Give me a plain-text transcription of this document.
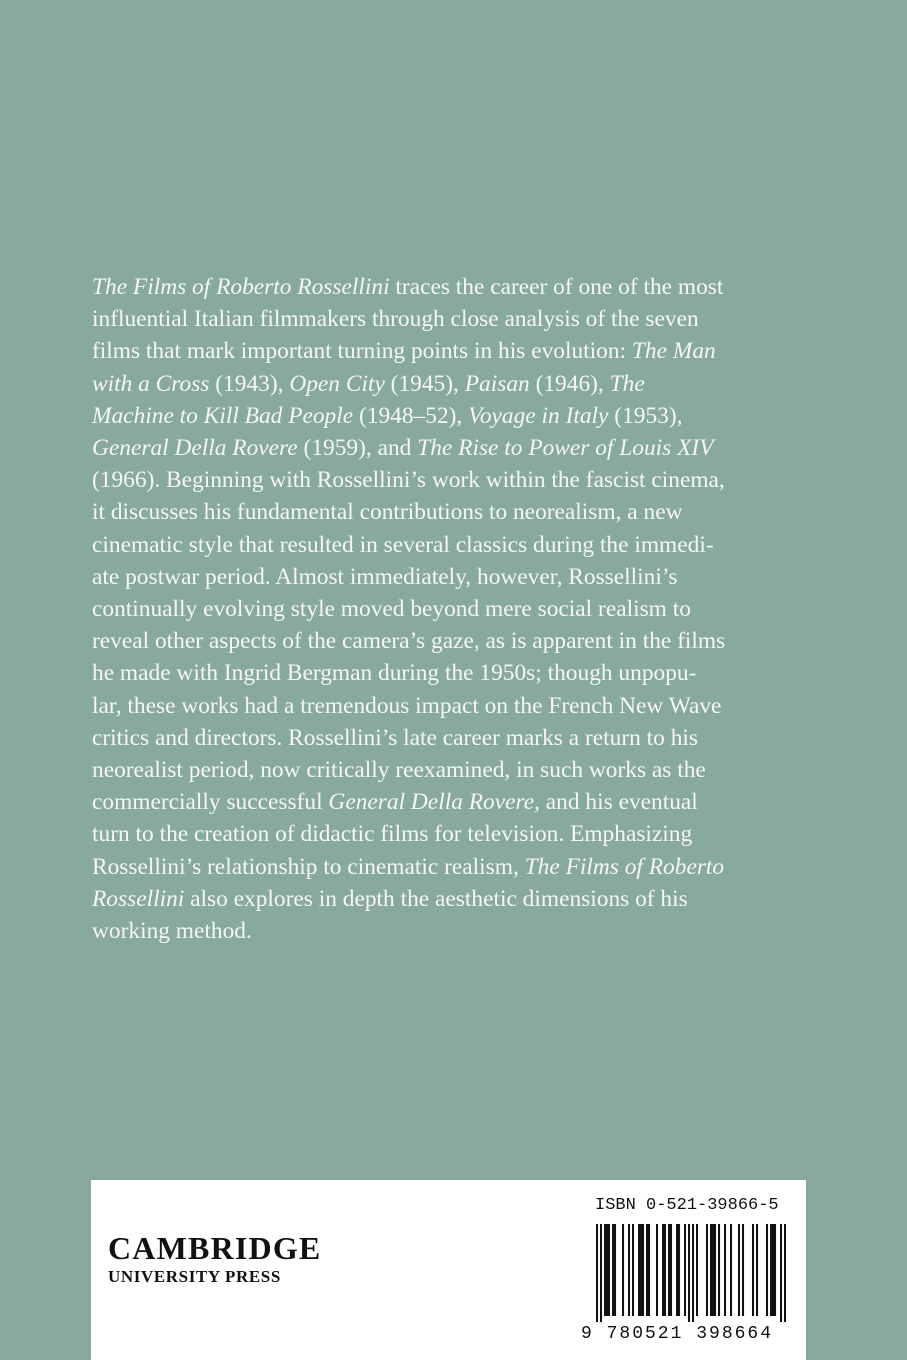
The Films of Roberto Rossellini traces the career of one of the most
influential Italian filmmakers through close analysis of the seven
films that mark important turning points in his evolution: The Man
with a Cross (1943), Open City (1945), Paisan (1946), The
Machine to Kill Bad People (1948–52), Voyage in Italy (1953),
General Della Rovere (1959), and The Rise to Power of Louis XIV
(1966). Beginning with Rossellini’s work within the fascist cinema,
it discusses his fundamental contributions to neorealism, a new
cinematic style that resulted in several classics during the immedi-
ate postwar period. Almost immediately, however, Rossellini’s
continually evolving style moved beyond mere social realism to
reveal other aspects of the camera’s gaze, as is apparent in the films
he made with Ingrid Bergman during the 1950s; though unpopu-
lar, these works had a tremendous impact on the French New Wave
critics and directors. Rossellini’s late career marks a return to his
neorealist period, now critically reexamined, in such works as the
commercially successful General Della Rovere, and his eventual
turn to the creation of didactic films for television. Emphasizing
Rossellini’s relationship to cinematic realism, The Films of Roberto
Rossellini also explores in depth the aesthetic dimensions of his
working method.

CAMBRIDGE
UNIVERSITY PRESS
ISBN 0-521-39866-5
9 780521 398664
